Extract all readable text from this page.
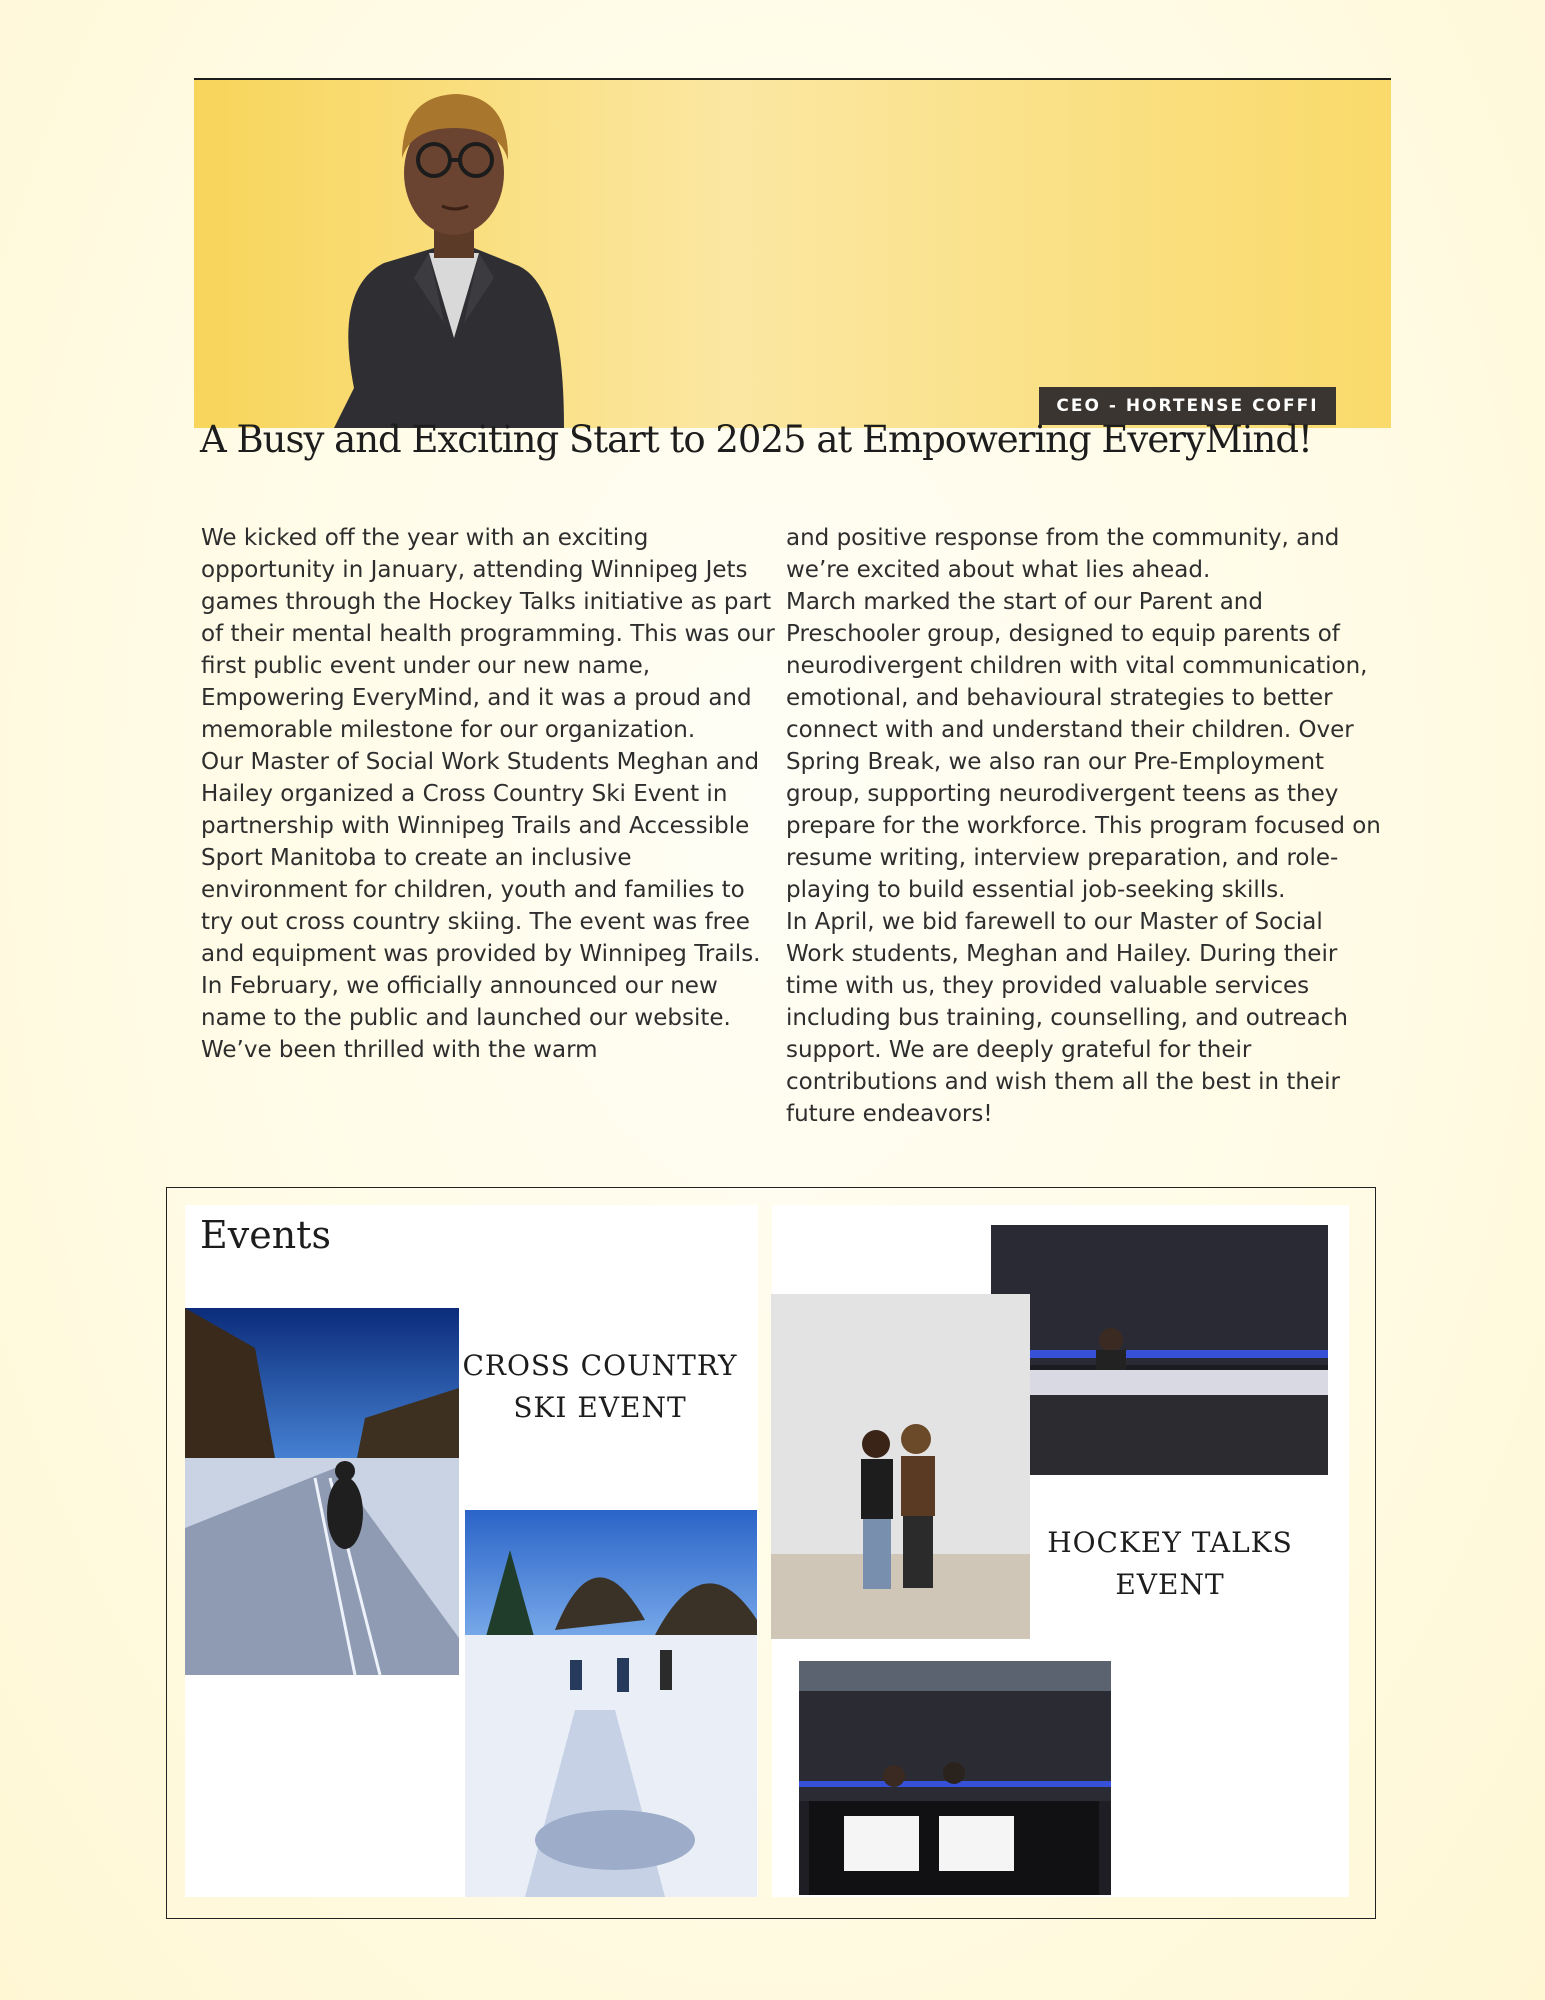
CEO - HORTENSE COFFI
A Busy and Exciting Start to 2025 at Empowering EveryMind!

We kicked off the year with an exciting opportunity in January, attending Winnipeg Jets games through the Hockey Talks initiative as part of their mental health programming. This was our first public event under our new name, Empowering EveryMind, and it was a proud and memorable milestone for our organization.

Our Master of Social Work Students Meghan and Hailey organized a Cross Country Ski Event in partnership with Winnipeg Trails and Accessible Sport Manitoba to create an inclusive environment for children, youth and families to try out cross country skiing. The event was free and equipment was provided by Winnipeg Trails.

In February, we officially announced our new name to the public and launched our website. We’ve been thrilled with the warm

and positive response from the community, and we’re excited about what lies ahead.

March marked the start of our Parent and Preschooler group, designed to equip parents of neurodivergent children with vital communication, emotional, and behavioural strategies to better connect with and understand their children. Over Spring Break, we also ran our Pre-Employment group, supporting neurodivergent teens as they prepare for the workforce. This program focused on resume writing, interview preparation, and role-playing to build essential job-seeking skills.

In April, we bid farewell to our Master of Social Work students, Meghan and Hailey. During their time with us, they provided valuable services including bus training, counselling, and outreach support. We are deeply grateful for their contributions and wish them all the best in their future endeavors!

Events
CROSS COUNTRY
SKI EVENT
HOCKEY TALKS
EVENT
